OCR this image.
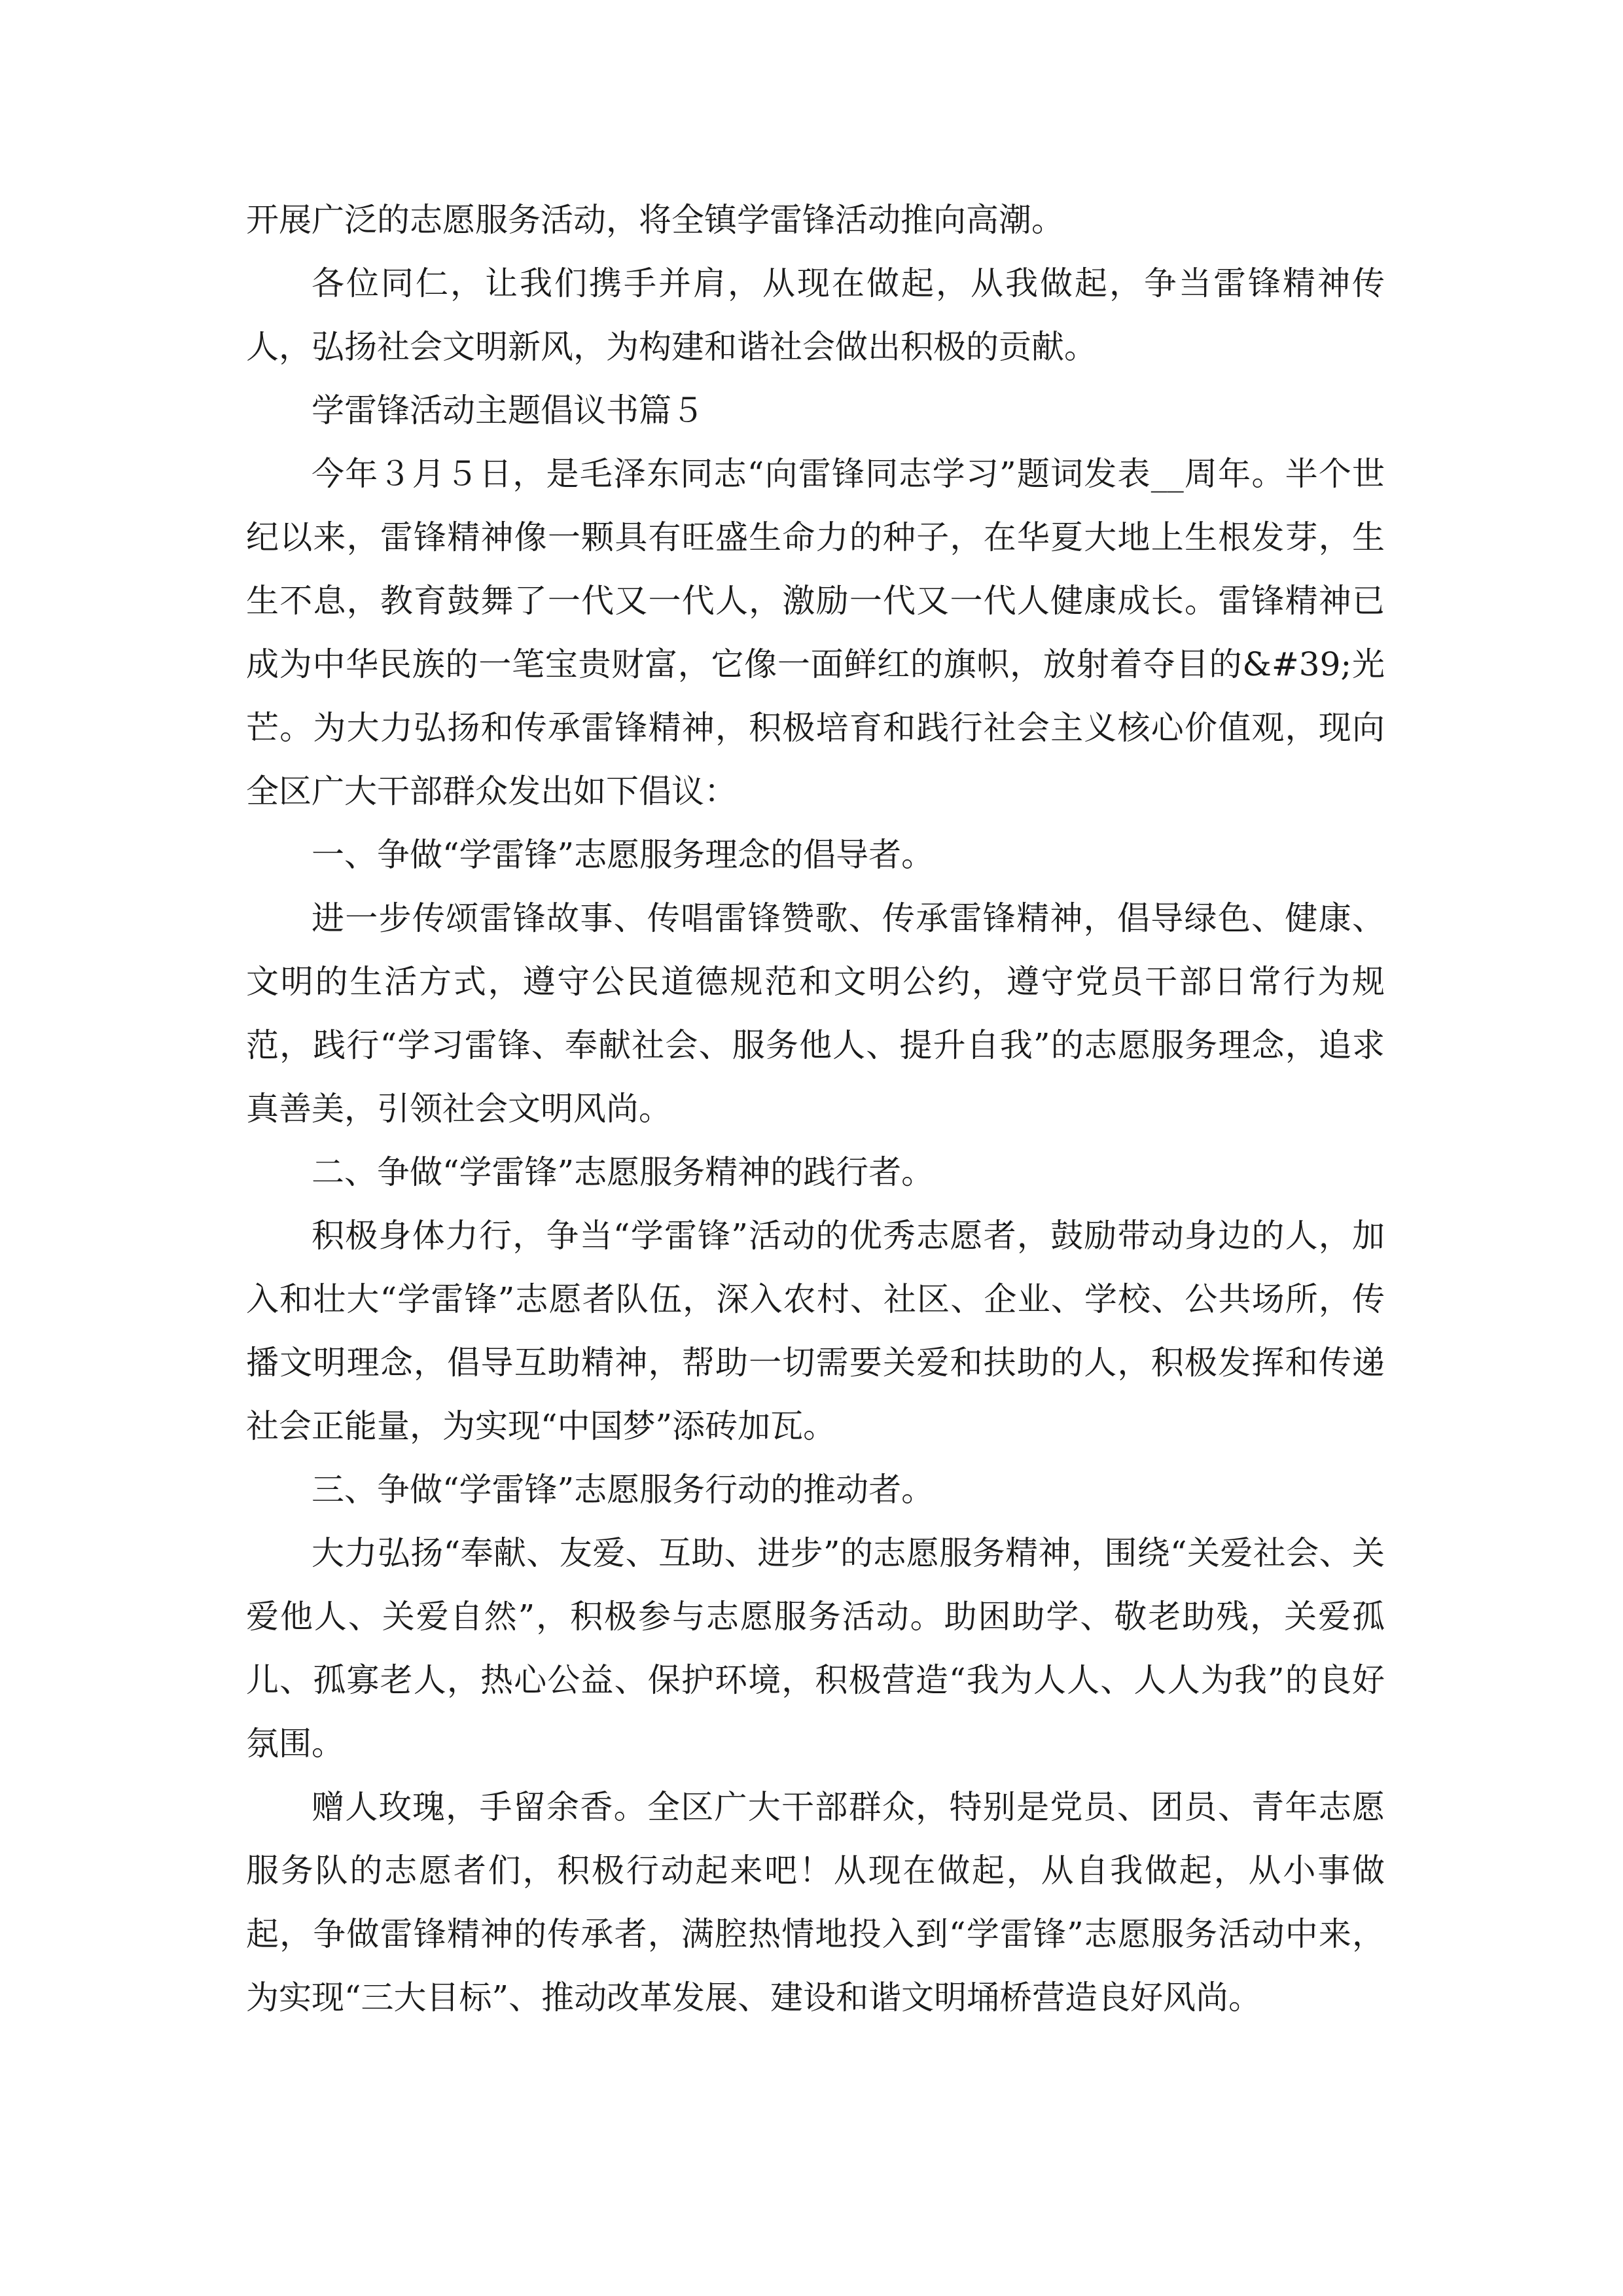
开展广泛的志愿服务活动，将全镇学雷锋活动推向高潮。

各位同仁，让我们携手并肩，从现在做起，从我做起，争当雷锋精神传人，弘扬社会文明新风，为构建和谐社会做出积极的贡献。

学雷锋活动主题倡议书篇５

今年３月５日，是毛泽东同志“向雷锋同志学习”题词发表__周年。半个世纪以来，雷锋精神像一颗具有旺盛生命力的种子，在华夏大地上生根发芽，生生不息，教育鼓舞了一代又一代人，激励一代又一代人健康成长。雷锋精神已成为中华民族的一笔宝贵财富，它像一面鲜红的旗帜，放射着夺目的&#39;光芒。为大力弘扬和传承雷锋精神，积极培育和践行社会主义核心价值观，现向全区广大干部群众发出如下倡议：

一、争做“学雷锋”志愿服务理念的倡导者。

进一步传颂雷锋故事、传唱雷锋赞歌、传承雷锋精神，倡导绿色、健康、文明的生活方式，遵守公民道德规范和文明公约，遵守党员干部日常行为规范，践行“学习雷锋、奉献社会、服务他人、提升自我”的志愿服务理念，追求真善美，引领社会文明风尚。

二、争做“学雷锋”志愿服务精神的践行者。

积极身体力行，争当“学雷锋”活动的优秀志愿者，鼓励带动身边的人，加入和壮大“学雷锋”志愿者队伍，深入农村、社区、企业、学校、公共场所，传播文明理念，倡导互助精神，帮助一切需要关爱和扶助的人，积极发挥和传递社会正能量，为实现“中国梦”添砖加瓦。

三、争做“学雷锋”志愿服务行动的推动者。

大力弘扬“奉献、友爱、互助、进步”的志愿服务精神，围绕“关爱社会、关爱他人、关爱自然”，积极参与志愿服务活动。助困助学、敬老助残，关爱孤儿、孤寡老人，热心公益、保护环境，积极营造“我为人人、人人为我”的良好氛围。

赠人玫瑰，手留余香。全区广大干部群众，特别是党员、团员、青年志愿服务队的志愿者们，积极行动起来吧！从现在做起，从自我做起，从小事做起，争做雷锋精神的传承者，满腔热情地投入到“学雷锋”志愿服务活动中来，为实现“三大目标”、推动改革发展、建设和谐文明埇桥营造良好风尚。
